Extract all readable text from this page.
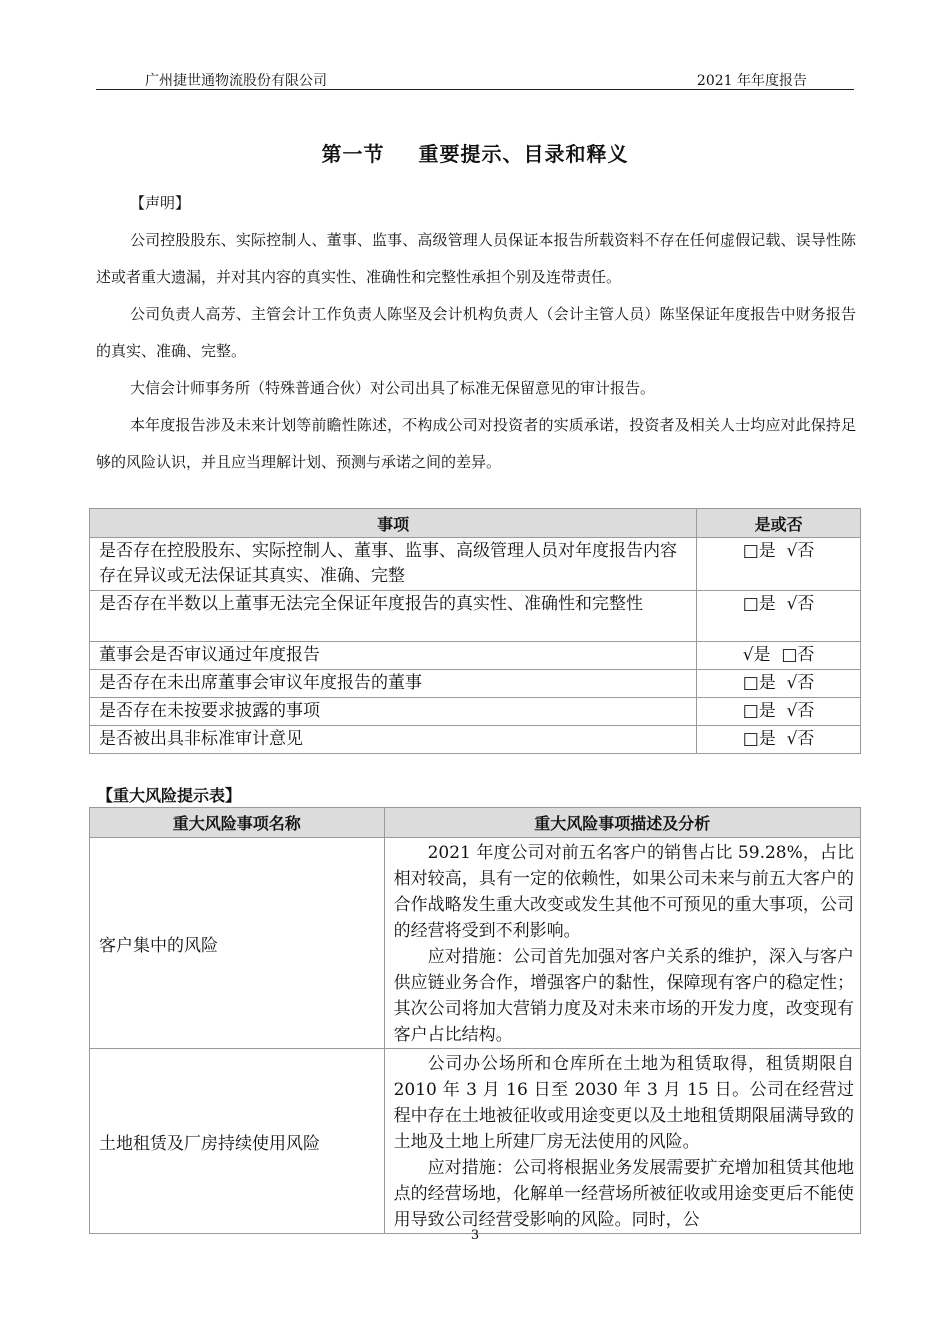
广州捷世通物流股份有限公司	2021 年年度报告
第一节 重要提示、目录和释义
【声明】
公司控股股东、实际控制人、董事、监事、高级管理人员保证本报告所载资料不存在任何虚假记载、误导性陈述或者重大遗漏，并对其内容的真实性、准确性和完整性承担个别及连带责任。
公司负责人高芳、主管会计工作负责人陈坚及会计机构负责人（会计主管人员）陈坚保证年度报告中财务报告的真实、准确、完整。
大信会计师事务所（特殊普通合伙）对公司出具了标准无保留意见的审计报告。
本年度报告涉及未来计划等前瞻性陈述，不构成公司对投资者的实质承诺，投资者及相关人士均应对此保持足够的风险认识，并且应当理解计划、预测与承诺之间的差异。
事项	是或否
是否存在控股股东、实际控制人、董事、监事、高级管理人员对年度报告内容存在异议或无法保证其真实、准确、完整	□是  √否
是否存在半数以上董事无法完全保证年度报告的真实性、准确性和完整性	□是  √否
董事会是否审议通过年度报告	√是  □否
是否存在未出席董事会审议年度报告的董事	□是  √否
是否存在未按要求披露的事项	□是  √否
是否被出具非标准审计意见	□是  √否
【重大风险提示表】
重大风险事项名称	重大风险事项描述及分析
客户集中的风险	2021 年度公司对前五名客户的销售占比 59.28%，占比相对较高，具有一定的依赖性，如果公司未来与前五大客户的合作战略发生重大改变或发生其他不可预见的重大事项，公司的经营将受到不利影响。

应对措施：公司首先加强对客户关系的维护，深入与客户供应链业务合作，增强客户的黏性，保障现有客户的稳定性；其次公司将加大营销力度及对未来市场的开发力度，改变现有客户占比结构。

土地租赁及厂房持续使用风险	公司办公场所和仓库所在土地为租赁取得，租赁期限自 2010 年 3 月 16 日至 2030 年 3 月 15 日。公司在经营过程中存在土地被征收或用途变更以及土地租赁期限届满导致的土地及土地上所建厂房无法使用的风险。

应对措施：公司将根据业务发展需要扩充增加租赁其他地点的经营场地，化解单一经营场所被征收或用途变更后不能使用导致公司经营受影响的风险。同时，公

3
